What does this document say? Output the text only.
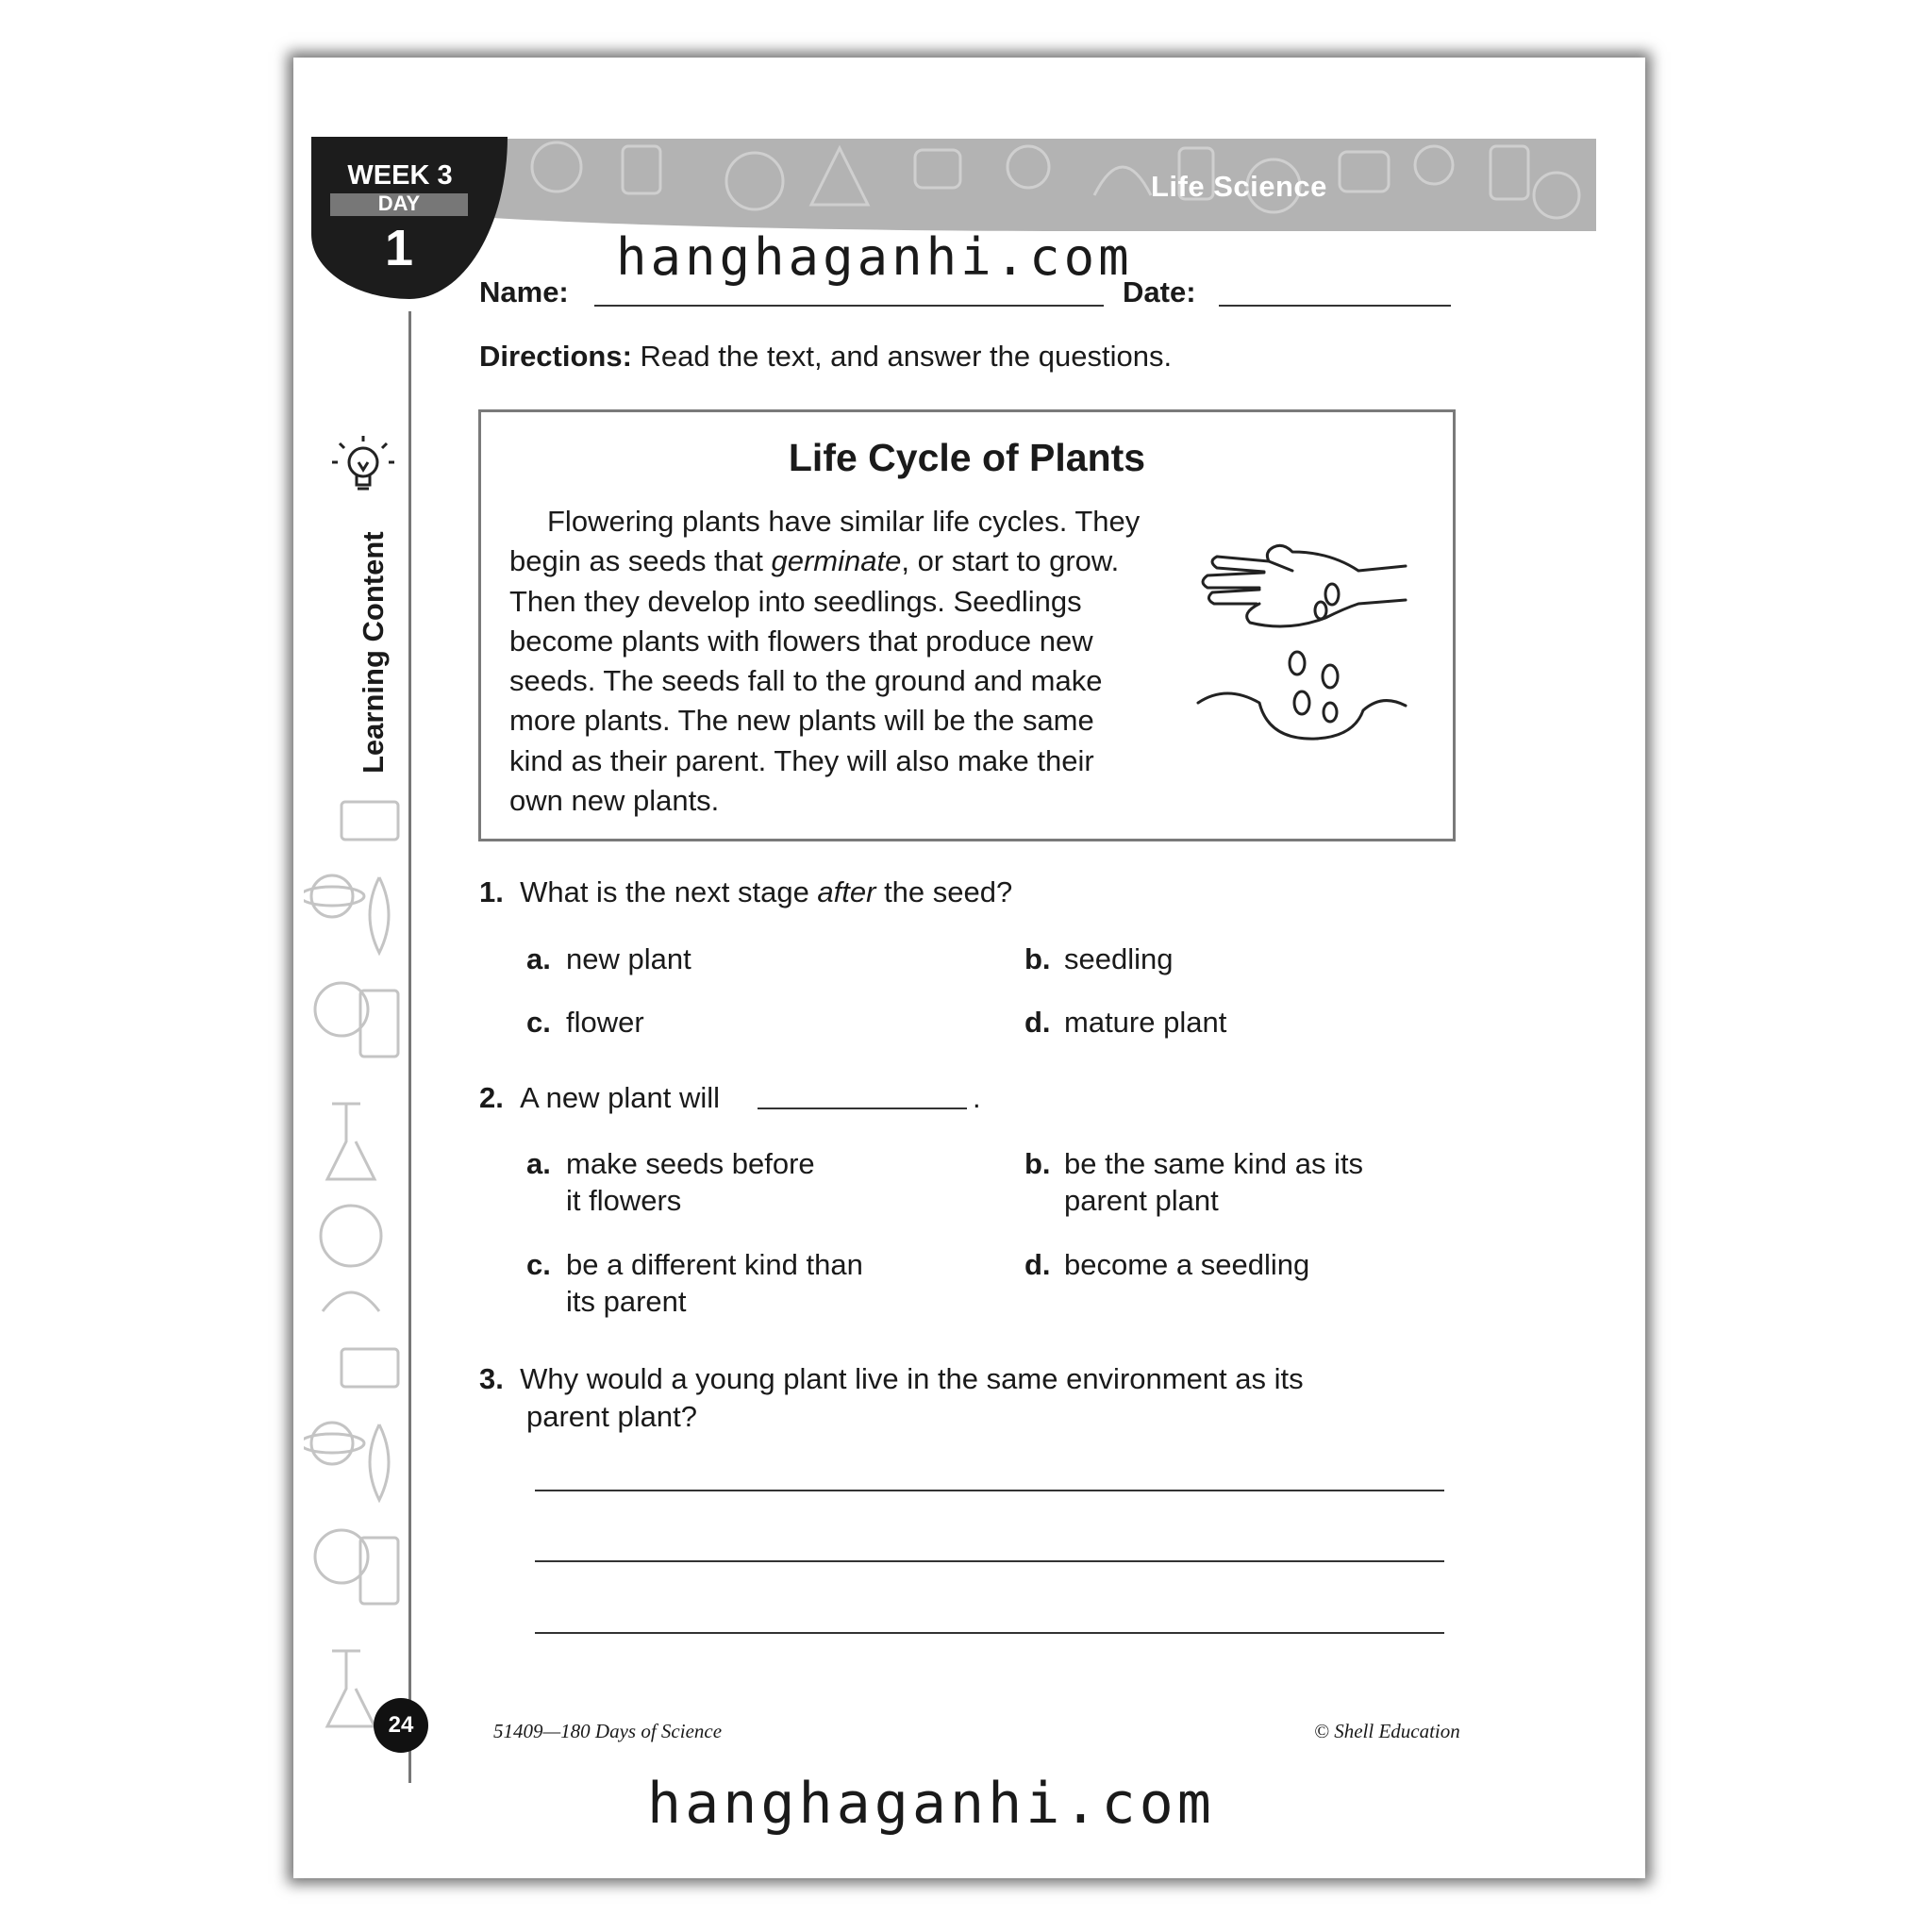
Life Science
WEEK 3
DAY
1
Learning Content
24
Name:	Date:
hanghaganhi.com
Directions: Read the text, and answer the questions.
Life Cycle of Plants

Flowering plants have similar life cycles. They

begin as seeds that germinate, or start to grow.

Then they develop into seedlings. Seedlings

become plants with flowers that produce new

seeds. The seeds fall to the ground and make

more plants. The new plants will be the same

kind as their parent. They will also make their

own new plants.

1. What is the next stage after the seed?
a. new plant	b. seedling
c. flower	d. mature plant
2. A new plant will	.
a. make seeds before
it flowers
b. be the same kind as its
parent plant
c. be a different kind than
its parent
d. become a seedling
3. Why would a young plant live in the same environment as its
parent plant?
51409—180 Days of Science	© Shell Education
hanghaganhi.com
